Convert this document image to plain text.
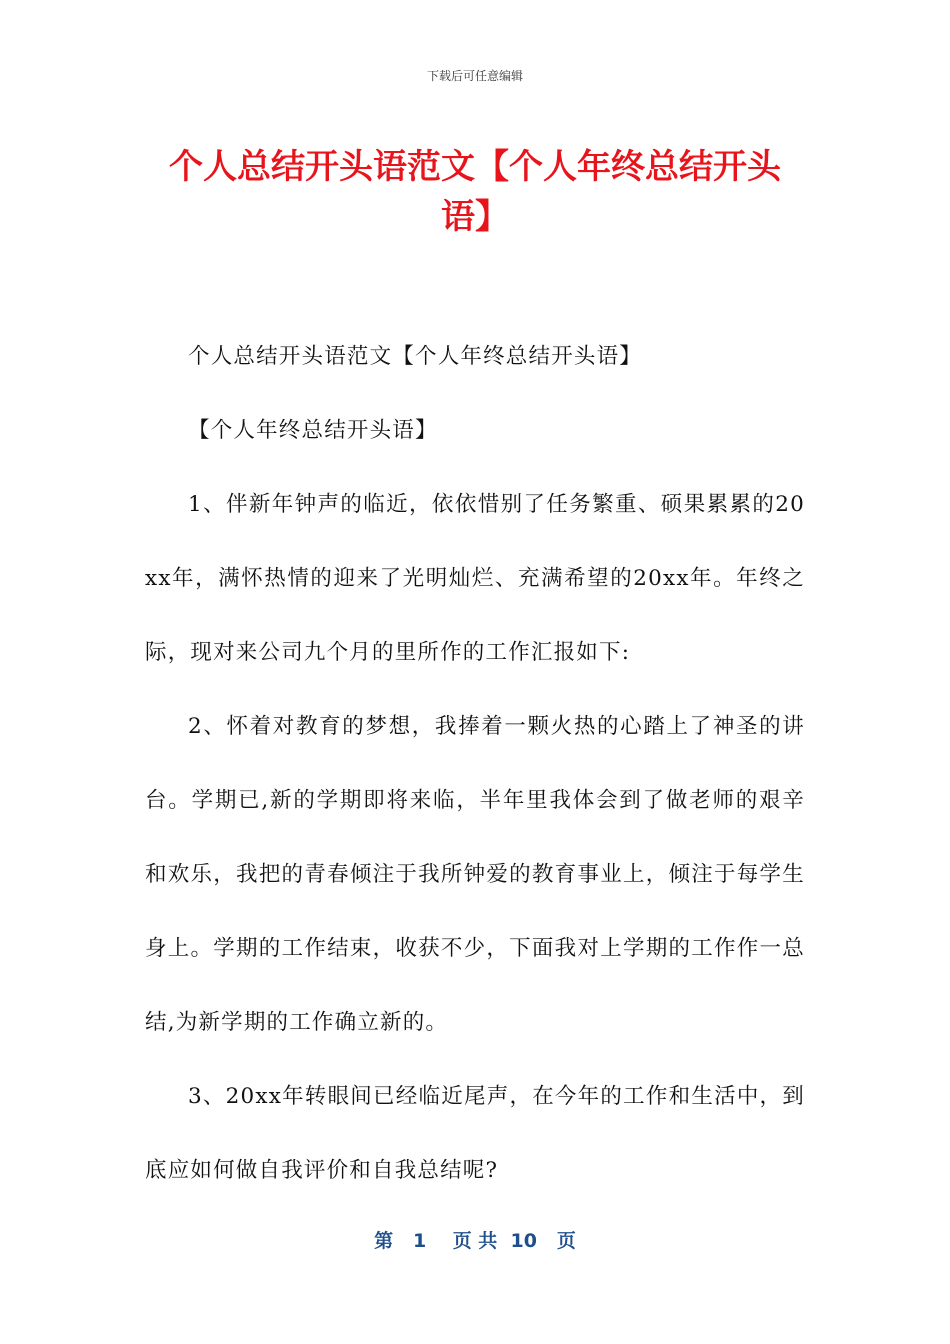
下载后可任意编辑
个人总结开头语范文【个人年终总结开头语】

个人总结开头语范文【个人年终总结开头语】

【个人年终总结开头语】

1、伴新年钟声的临近，依依惜别了任务繁重、硕果累累的20xx年，满怀热情的迎来了光明灿烂、充满希望的20xx年。年终之际，现对来公司九个月的里所作的工作汇报如下:

2、怀着对教育的梦想，我捧着一颗火热的心踏上了神圣的讲台。学期已,新的学期即将来临，半年里我体会到了做老师的艰辛和欢乐，我把的青春倾注于我所钟爱的教育事业上，倾注于每学生身上。学期的工作结束，收获不少，下面我对上学期的工作作一总结,为新学期的工作确立新的。

3、20xx年转眼间已经临近尾声，在今年的工作和生活中，到底应如何做自我评价和自我总结呢?

第   1    页 共  10   页
